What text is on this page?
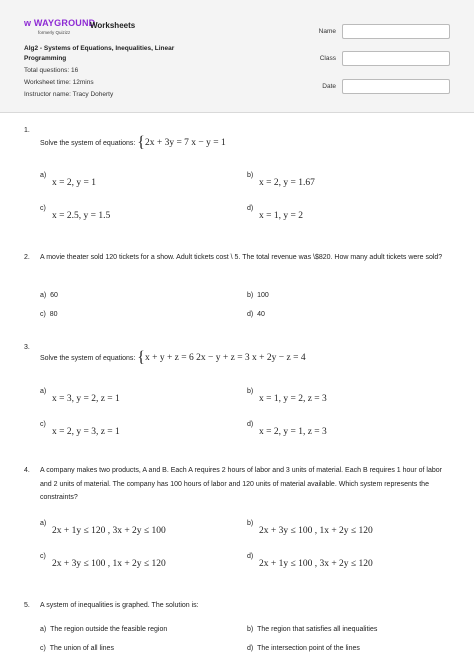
ᴡ WAYGROUND
formerly Quizizz
Worksheets
Alg2 - Systems of Equations, Inequalities, Linear Programming
Total questions: 16
Worksheet time: 12mins
Instructor name: Tracy Doherty
Name
Class
Date
1.
Solve the system of equations: {2x + 3y = 7 x − y = 1
a)
x = 2, y = 1
b)
x = 2, y = 1.67
c)
x = 2.5, y = 1.5
d)
x = 1, y = 2
2. A movie theater sold 120 tickets for a show. Adult tickets cost \ 5. The total revenue was \$820. How many adult tickets were sold?
a) 60	b) 100
c) 80	d) 40
3.
Solve the system of equations: {x + y + z = 6 2x − y + z = 3 x + 2y − z = 4
a)
x = 3, y = 2, z = 1
b)
x = 1, y = 2, z = 3
c)
x = 2, y = 3, z = 1
d)
x = 2, y = 1, z = 3
4. A company makes two products, A and B. Each A requires 2 hours of labor and 3 units of material. Each B requires 1 hour of labor and 2 units of material. The company has 100 hours of labor and 120 units of material available. Which system represents the constraints?
a)
2x + 1y ≤ 120 , 3x + 2y ≤ 100
b)
2x + 3y ≤ 100 , 1x + 2y ≤ 120
c)
2x + 3y ≤ 100 , 1x + 2y ≤ 120
d)
2x + 1y ≤ 100 , 3x + 2y ≤ 120
5. A system of inequalities is graphed. The solution is:
a) The region outside the feasible region	b) The region that satisfies all inequalities
c) The union of all lines	d) The intersection point of the lines
